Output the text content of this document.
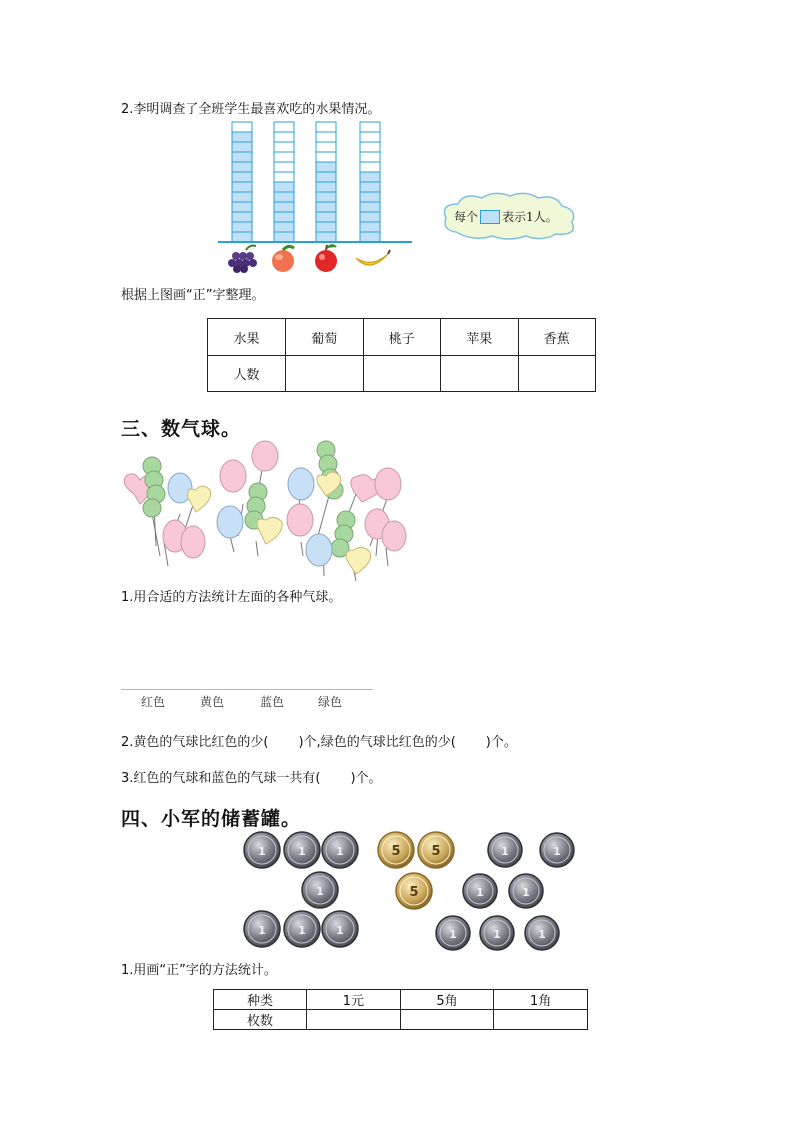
2.李明调查了全班学生最喜欢吃的水果情况。
每个 表示1人。
根据上图画“正”字整理。
水果	葡萄	桃子	苹果	香蕉
人数				
三、数气球。
1.用合适的方法统计左面的各种气球。
红色	黄色	蓝色	绿色
2.黄色的气球比红色的少( )个,绿色的气球比红色的少( )个。
3.红色的气球和蓝色的气球一共有( )个。
四、小军的储蓄罐。
1	1	1
1
1	1	1
5 5
5
1	1
1	1
1	1	1
1.用画“正”字的方法统计。
种类	1元	5角	1角
枚数			
